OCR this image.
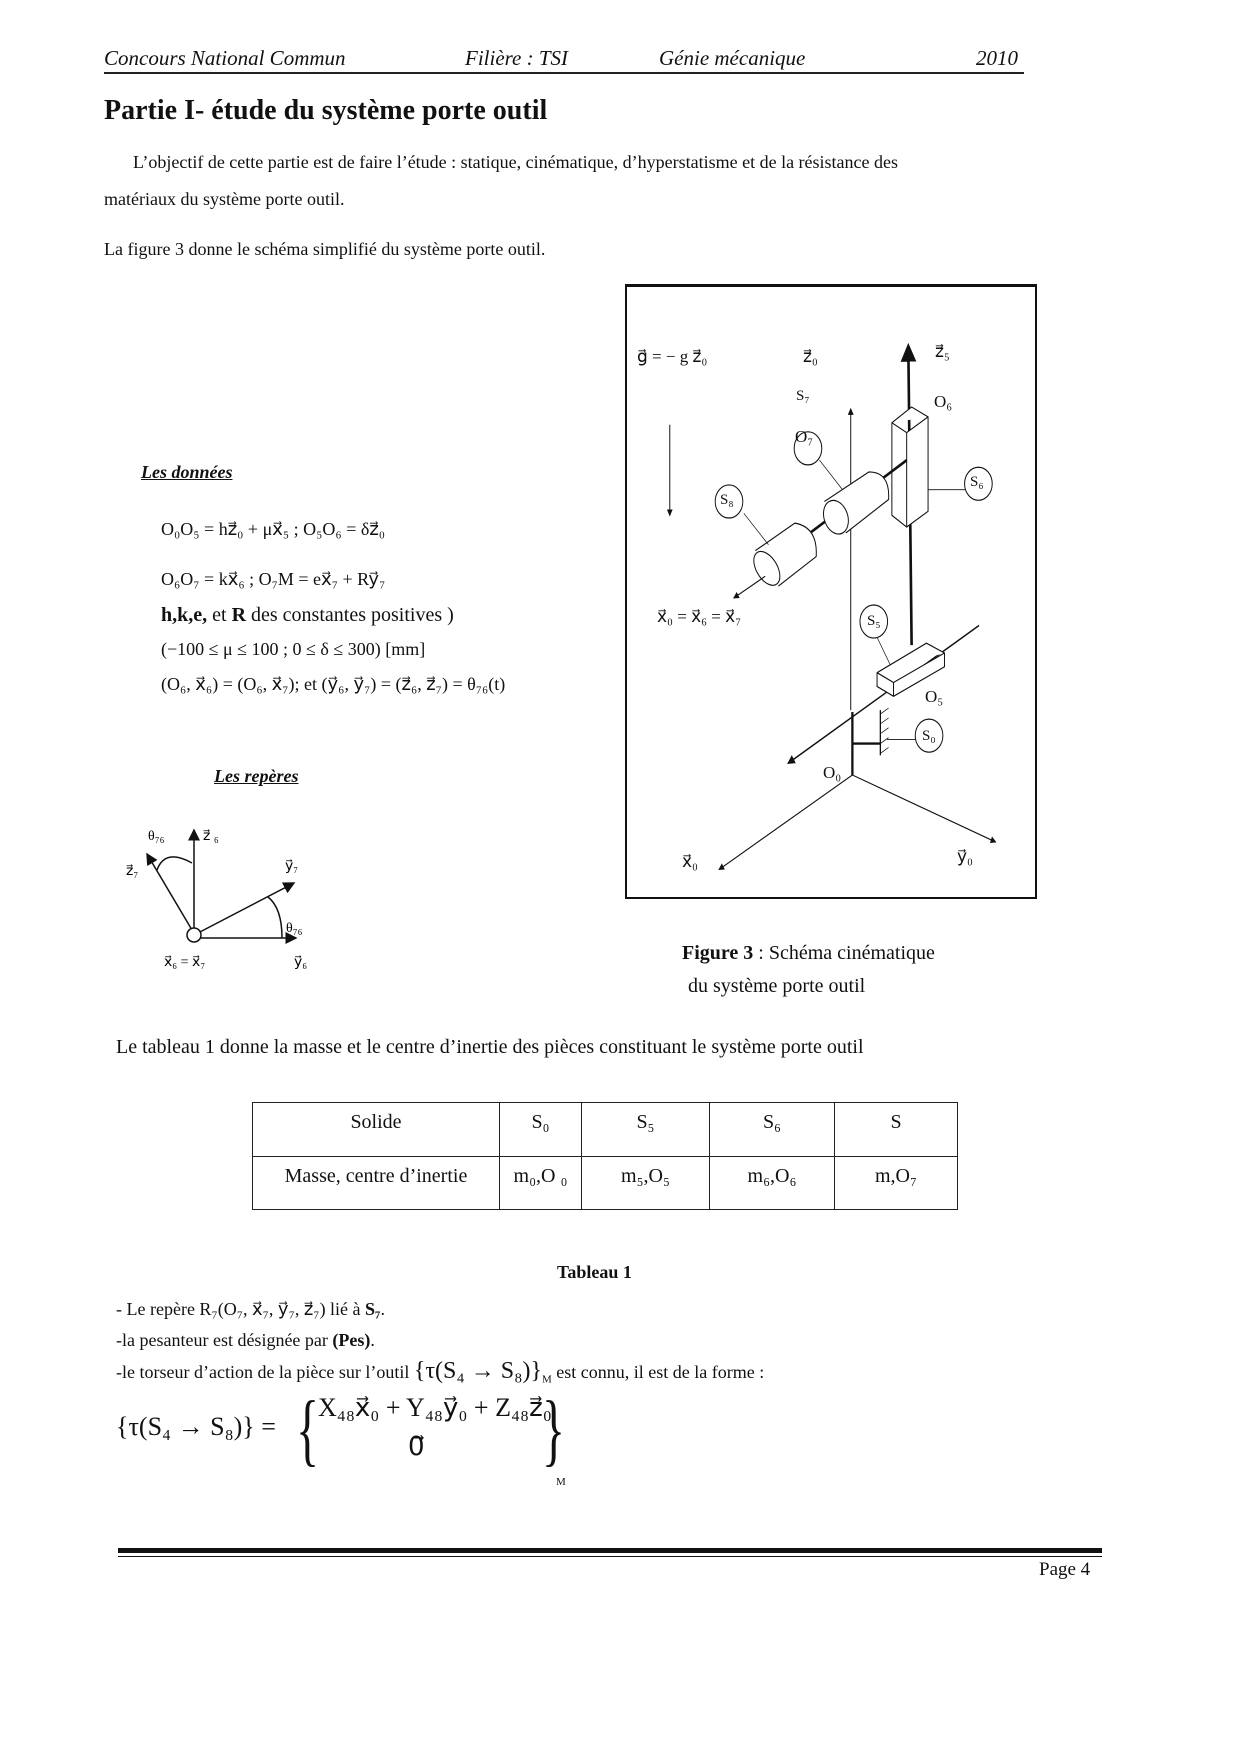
Concours National Commun	Filière : TSI	Génie mécanique	2010
Partie I- étude du système porte outil
L’objectif de cette partie est de faire l’étude : statique, cinématique, d’hyperstatisme et de la résistance des
matériaux du système porte outil.
La figure 3 donne le schéma simplifié du système porte outil.
Les données
O₀O₅ = hz⃗₀ + μx⃗₅ ; O₅O₆ = δz⃗₀
O₆O₇ = kx⃗₆ ; O₇M = ex⃗₇ + Ry⃗₇
h,k,e, et R des constantes positives )
(−100 ≤ μ ≤ 100 ; 0 ≤ δ ≤ 300) [mm]
(O₆, x⃗₆) = (O₆, x⃗₇); et (y⃗₆, y⃗₇) = (z⃗₆, z⃗₇) = θ₇₆(t)
Les repères
θ₇₆	z⃗ ₆
z⃗₇	y⃗₇
θ₇₆
y⃗₆
x⃗₆ = x⃗₇
g⃗ = − g z⃗₀	z⃗₀	z⃗₅
O₆
O₇
S₇
S₈
S₆
S₅
S₀
O₅
O₀
x⃗₀ = x⃗₆ = x⃗₇
x⃗₀	y⃗₀
Figure 3 : Schéma cinématique
du système porte outil
Le tableau 1 donne la masse et le centre d’inertie des pièces constituant le système porte outil
Solide	S₀	S₅	S₆	S
Masse, centre d’inertie	m₀,O ₀	m₅,O₅	m₆,O₆	m,O₇
Tableau 1
- Le repère R₇(O₇, x⃗₇, y⃗₇, z⃗₇) lié à S₇.
-la pesanteur est désignée par (Pes).
-le torseur d’action de la pièce sur l’outil $\{\tau(S_4 \to S_8)\}_M$ est connu, il est de la forme :
{τ(S₄ → S₈)} = {
X₄₈x⃗₀ + Y₄₈y⃗₀ + Z₄₈z⃗₀
0⃗ }
M
Page 4
